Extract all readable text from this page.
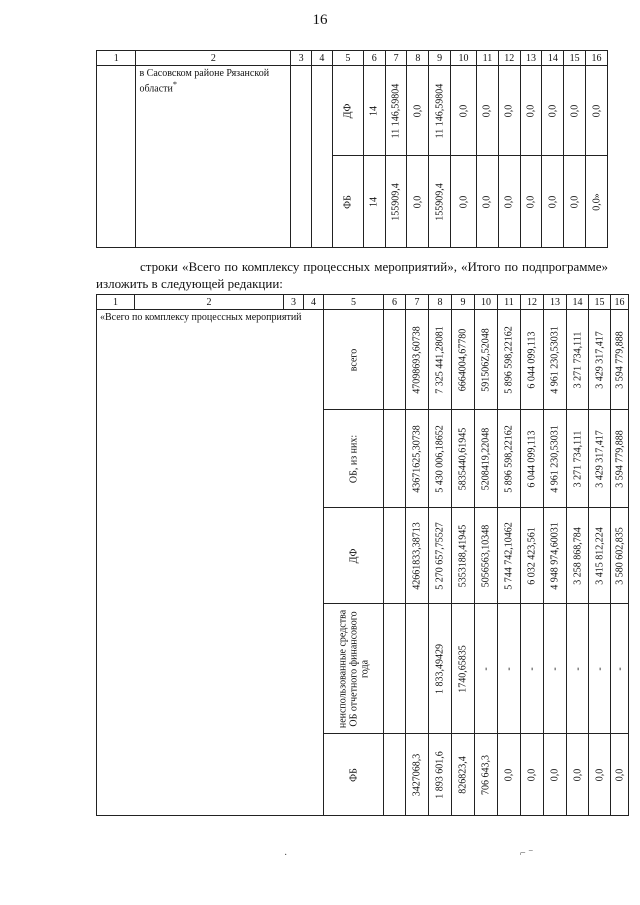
16
1	2	3	4	5	6	7	8	9	10	11	12	13	14	15	16
	в Сасовском районе Рязанской области*			ДФ	14	11 146,59804	0,0	11 146,59804	0,0	0,0	0,0	0,0	0,0	0,0	0,0

				ФБ	14	155909,4	0,0	155909,4	0,0	0,0	0,0	0,0	0,0	0,0	0,0»
строки «Всего по комплексу процессных мероприятий», «Итого по подпрограмме» изложить в следующей редакции:
1	2	3	4	5	6	7	8	9	10	11	12	13	14	15	16
«Всего по комплексу процессных мероприятий				всего		4709869З,60738	7 325 441,28081	6664004,67780	591506Z,52048	5 896 598,22162	6 044 099,113	4 961 230,53031	3 271 734,111	3 429 317,417	3 594 779,888

				ОБ, из них:		43671625,30738	5 430 006,18652	5835440,61945	5208419,22048	5 896 598,22162	6 044 099,113	4 961 230,53031	3 271 734,111	3 429 317,417	3 594 779,888

				ДФ		42661833,38713	5 270 657,75527	5353188,41945	5056563,10348	5 744 742,10462	6 032 423,561	4 948 974,60031	3 258 868,784	3 415 812,224	3 580 602,835

				неиспользованные средства ОБ отчетного финансового года			1 833,49429	1740,65835	-	-	-	-	-	-	-

				ФБ		3427068,3	1 893 601,6	826823,4	706 643,3	0,0	0,0	0,0	0,0	0,0	0,0
·	⌐ ⁻
